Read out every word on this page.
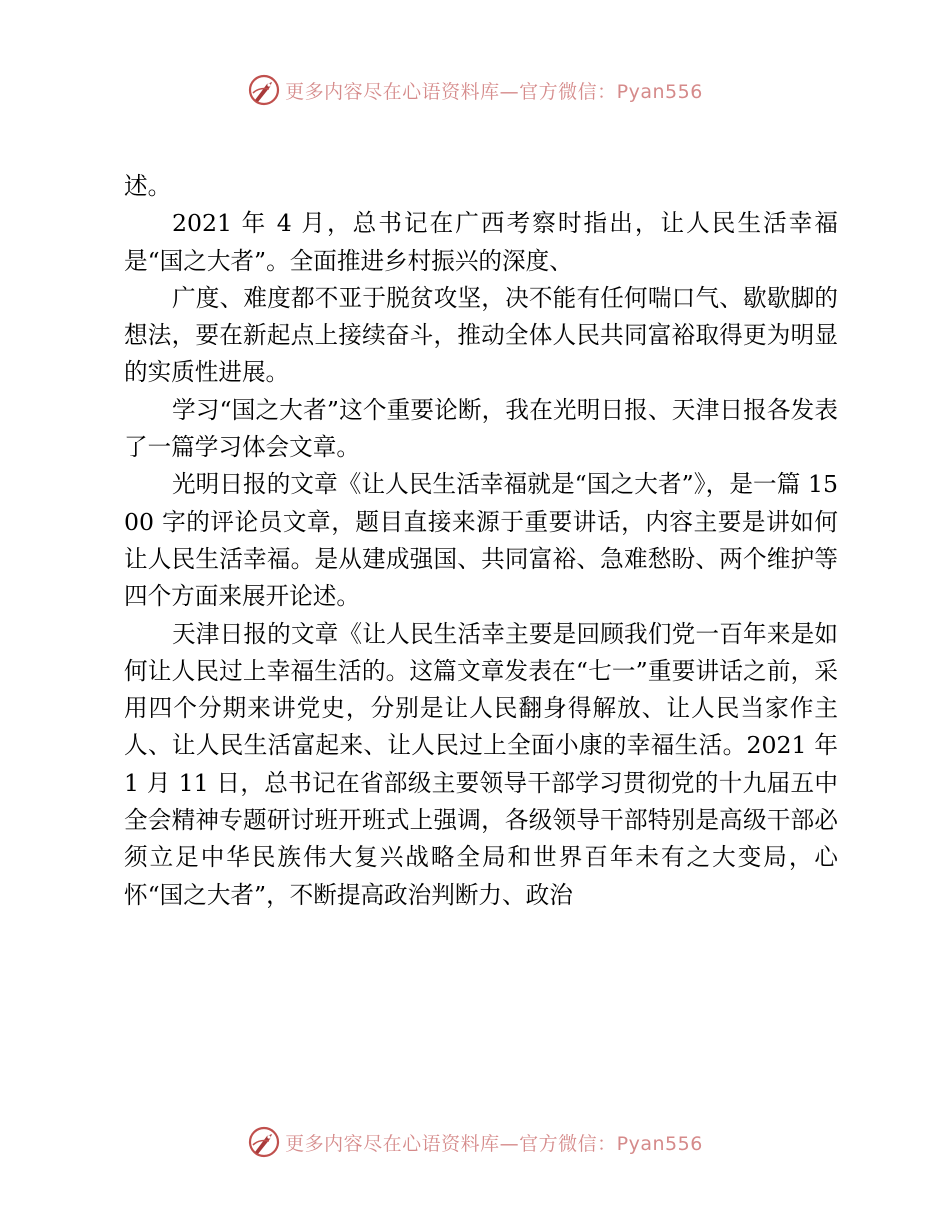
更多内容尽在心语资料库—官方微信：Pyan556

述。

2021 年 4 月，总书记在广西考察时指出，让人民生活幸福是“国之大者”。全面推进乡村振兴的深度、

广度、难度都不亚于脱贫攻坚，决不能有任何喘口气、歇歇脚的想法，要在新起点上接续奋斗，推动全体人民共同富裕取得更为明显的实质性进展。

学习“国之大者”这个重要论断，我在光明日报、天津日报各发表了一篇学习体会文章。

光明日报的文章《让人民生活幸福就是“国之大者”》，是一篇 1500 字的评论员文章，题目直接来源于重要讲话，内容主要是讲如何让人民生活幸福。是从建成强国、共同富裕、急难愁盼、两个维护等四个方面来展开论述。

天津日报的文章《让人民生活幸主要是回顾我们党一百年来是如何让人民过上幸福生活的。这篇文章发表在“七一”重要讲话之前，采用四个分期来讲党史，分别是让人民翻身得解放、让人民当家作主人、让人民生活富起来、让人民过上全面小康的幸福生活。2021 年 1 月 11 日，总书记在省部级主要领导干部学习贯彻党的十九届五中全会精神专题研讨班开班式上强调，各级领导干部特别是高级干部必须立足中华民族伟大复兴战略全局和世界百年未有之大变局，心怀“国之大者”，不断提高政治判断力、政治

更多内容尽在心语资料库—官方微信：Pyan556
